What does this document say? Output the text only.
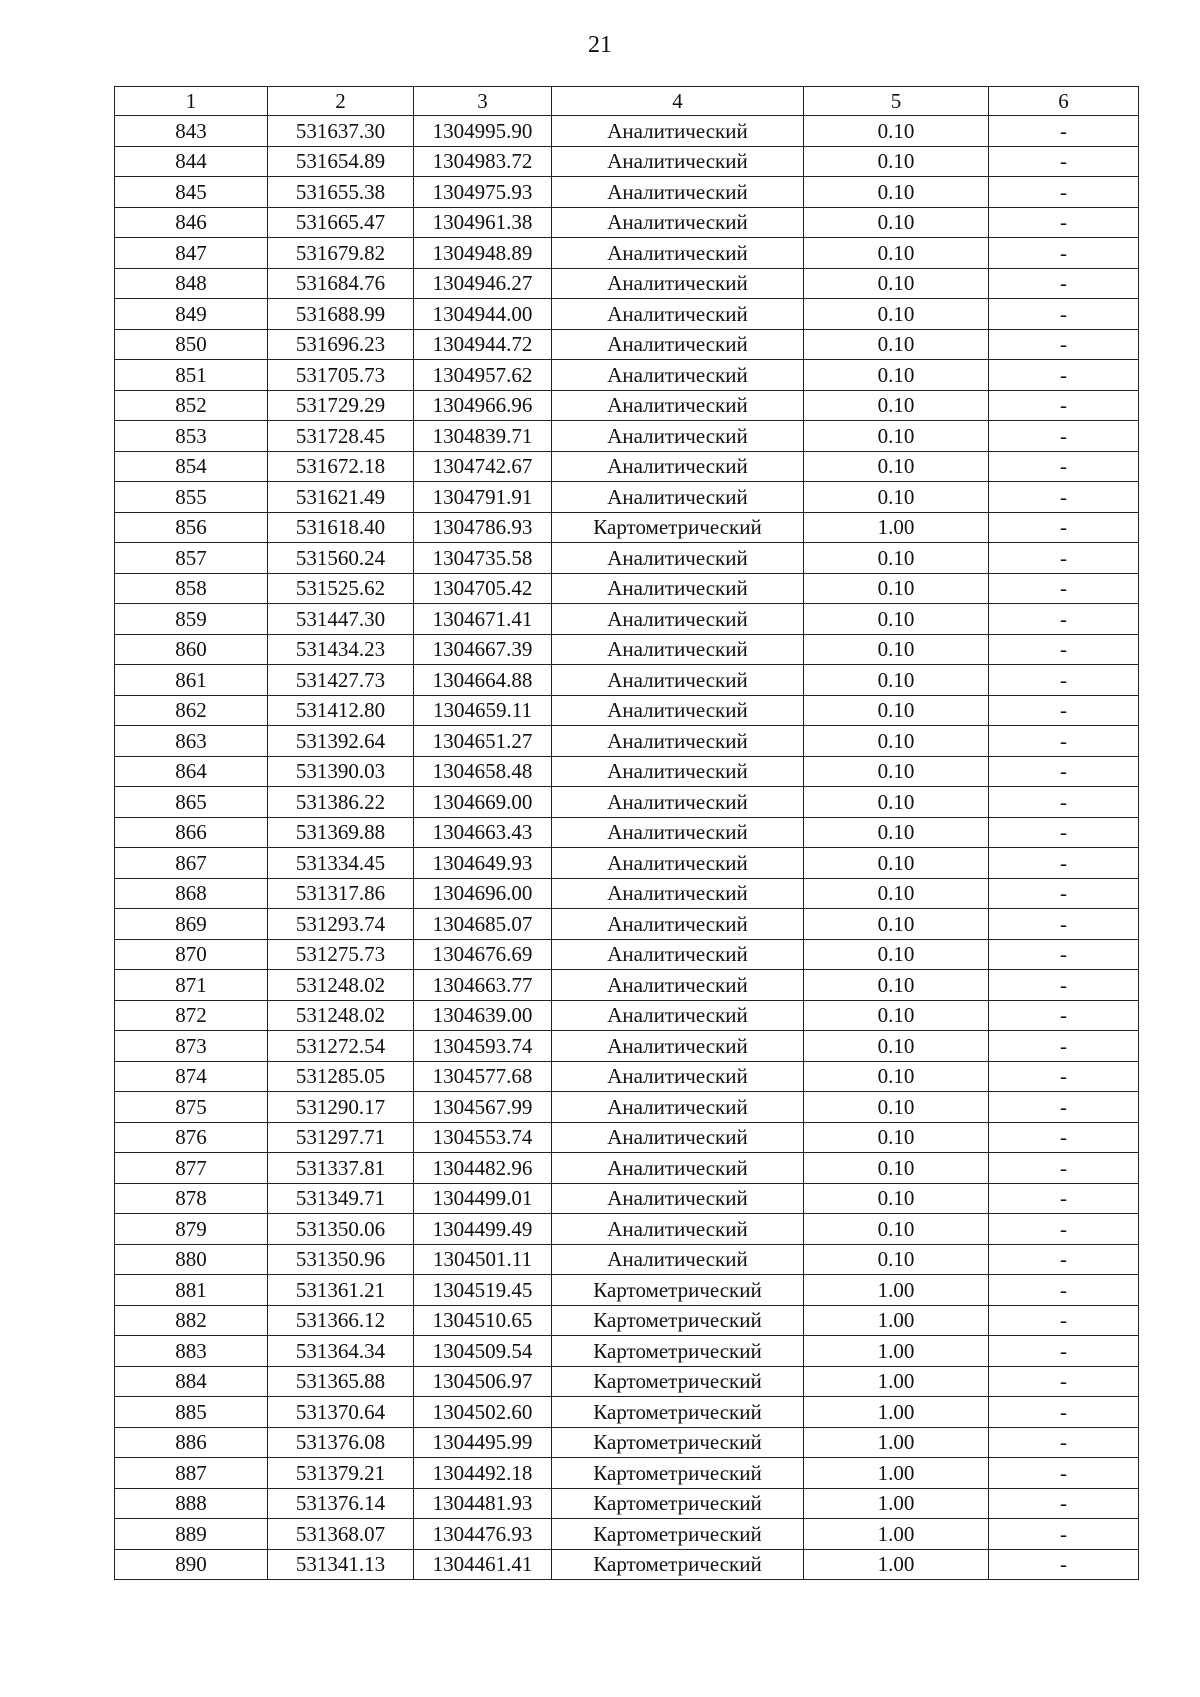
21
1	2	3	4	5	6
843	531637.30	1304995.90	Аналитический	0.10	-
844	531654.89	1304983.72	Аналитический	0.10	-
845	531655.38	1304975.93	Аналитический	0.10	-
846	531665.47	1304961.38	Аналитический	0.10	-
847	531679.82	1304948.89	Аналитический	0.10	-
848	531684.76	1304946.27	Аналитический	0.10	-
849	531688.99	1304944.00	Аналитический	0.10	-
850	531696.23	1304944.72	Аналитический	0.10	-
851	531705.73	1304957.62	Аналитический	0.10	-
852	531729.29	1304966.96	Аналитический	0.10	-
853	531728.45	1304839.71	Аналитический	0.10	-
854	531672.18	1304742.67	Аналитический	0.10	-
855	531621.49	1304791.91	Аналитический	0.10	-
856	531618.40	1304786.93	Картометрический	1.00	-
857	531560.24	1304735.58	Аналитический	0.10	-
858	531525.62	1304705.42	Аналитический	0.10	-
859	531447.30	1304671.41	Аналитический	0.10	-
860	531434.23	1304667.39	Аналитический	0.10	-
861	531427.73	1304664.88	Аналитический	0.10	-
862	531412.80	1304659.11	Аналитический	0.10	-
863	531392.64	1304651.27	Аналитический	0.10	-
864	531390.03	1304658.48	Аналитический	0.10	-
865	531386.22	1304669.00	Аналитический	0.10	-
866	531369.88	1304663.43	Аналитический	0.10	-
867	531334.45	1304649.93	Аналитический	0.10	-
868	531317.86	1304696.00	Аналитический	0.10	-
869	531293.74	1304685.07	Аналитический	0.10	-
870	531275.73	1304676.69	Аналитический	0.10	-
871	531248.02	1304663.77	Аналитический	0.10	-
872	531248.02	1304639.00	Аналитический	0.10	-
873	531272.54	1304593.74	Аналитический	0.10	-
874	531285.05	1304577.68	Аналитический	0.10	-
875	531290.17	1304567.99	Аналитический	0.10	-
876	531297.71	1304553.74	Аналитический	0.10	-
877	531337.81	1304482.96	Аналитический	0.10	-
878	531349.71	1304499.01	Аналитический	0.10	-
879	531350.06	1304499.49	Аналитический	0.10	-
880	531350.96	1304501.11	Аналитический	0.10	-
881	531361.21	1304519.45	Картометрический	1.00	-
882	531366.12	1304510.65	Картометрический	1.00	-
883	531364.34	1304509.54	Картометрический	1.00	-
884	531365.88	1304506.97	Картометрический	1.00	-
885	531370.64	1304502.60	Картометрический	1.00	-
886	531376.08	1304495.99	Картометрический	1.00	-
887	531379.21	1304492.18	Картометрический	1.00	-
888	531376.14	1304481.93	Картометрический	1.00	-
889	531368.07	1304476.93	Картометрический	1.00	-
890	531341.13	1304461.41	Картометрический	1.00	-
